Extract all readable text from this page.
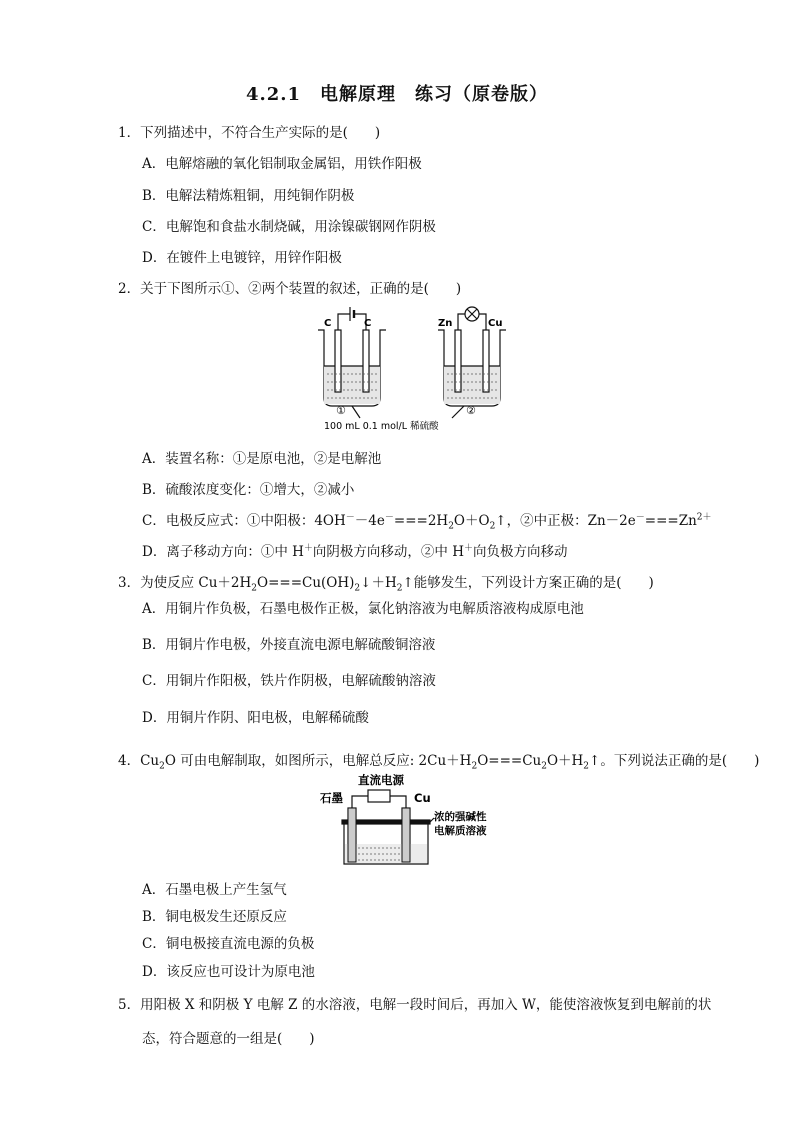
4.2.1　电解原理　练习（原卷版）
1．下列描述中，不符合生产实际的是(　　)
A．电解熔融的氧化铝制取金属铝，用铁作阳极
B．电解法精炼粗铜，用纯铜作阴极
C．电解饱和食盐水制烧碱，用涂镍碳钢网作阴极
D．在镀件上电镀锌，用锌作阳极
2．关于下图所示①、②两个装置的叙述，正确的是(　　)
C	C
①
Zn	Cu
②
100 mL 0.1 mol/L 稀硫酸
A．装置名称：①是原电池，②是电解池
B．硫酸浓度变化：①增大，②减小
C．电极反应式：①中阳极：$4OH^--4e^-===2H_2O+O_2↑$，②中正极：$Zn-2e^-===Zn^{2+}$
D．离子移动方向：①中 H＋向阴极方向移动，②中 H＋向负极方向移动
3．为使反应 $Cu+2H_2O===Cu(OH)_2↓+H_2↑$能够发生，下列设计方案正确的是(　　)
A．用铜片作负极，石墨电极作正极，氯化钠溶液为电解质溶液构成原电池
B．用铜片作电极，外接直流电源电解硫酸铜溶液
C．用铜片作阳极，铁片作阴极，电解硫酸钠溶液
D．用铜片作阴、阳电极，电解稀硫酸
4．$Cu_2O$ 可由电解制取，如图所示，电解总反应: $2Cu+H_2O===Cu_2O+H_2↑$。下列说法正确的是(　　)
直流电源
石墨	Cu
浓的强碱性
电解质溶液
A．石墨电极上产生氢气
B．铜电极发生还原反应
C．铜电极接直流电源的负极
D．该反应也可设计为原电池
5．用阳极 X 和阴极 Y 电解 Z 的水溶液，电解一段时间后，再加入 W，能使溶液恢复到电解前的状
态，符合题意的一组是(　　)
